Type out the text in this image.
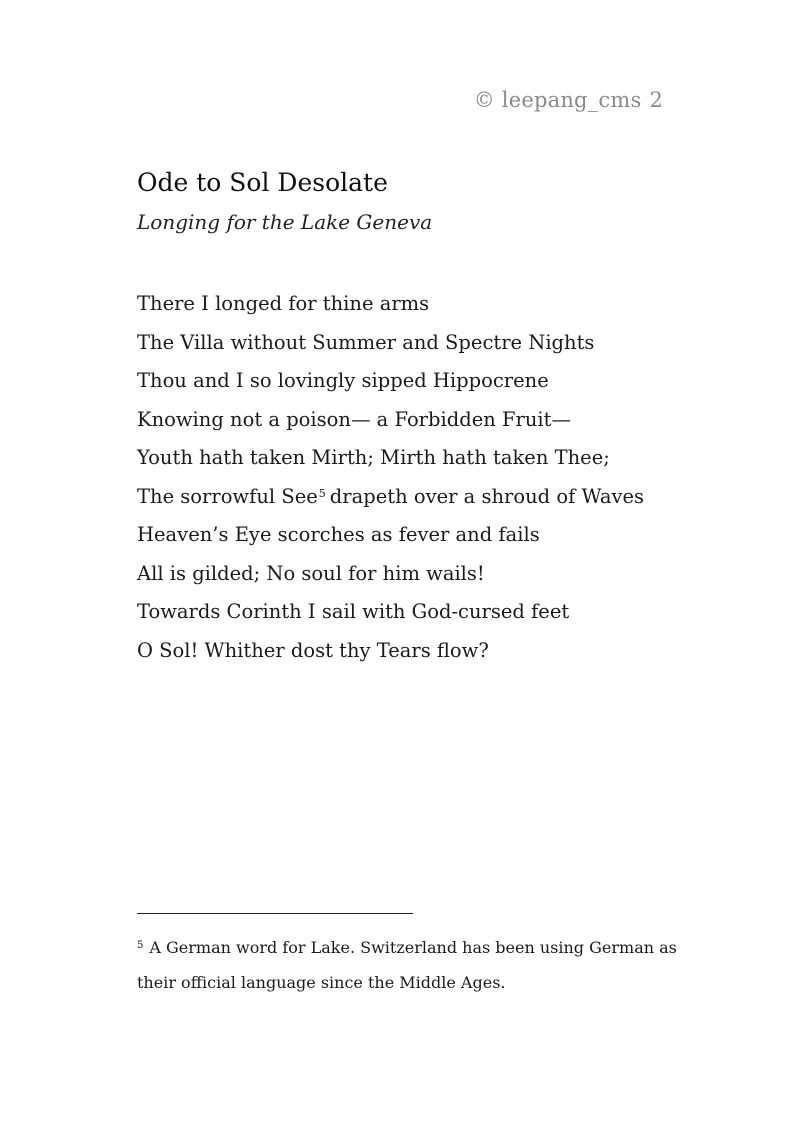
© leepang_cms 2
Ode to Sol Desolate
Longing for the Lake Geneva
There I longed for thine arms
The Villa without Summer and Spectre Nights
Thou and I so lovingly sipped Hippocrene
Knowing not a poison— a Forbidden Fruit—
Youth hath taken Mirth; Mirth hath taken Thee;
The sorrowful See$^5$ drapeth over a shroud of Waves
Heaven’s Eye scorches as fever and fails
All is gilded; No soul for him wails!
Towards Corinth I sail with God-cursed feet
O Sol! Whither dost thy Tears flow?
$^5$ A German word for Lake. Switzerland has been using German as their official language since the Middle Ages.
